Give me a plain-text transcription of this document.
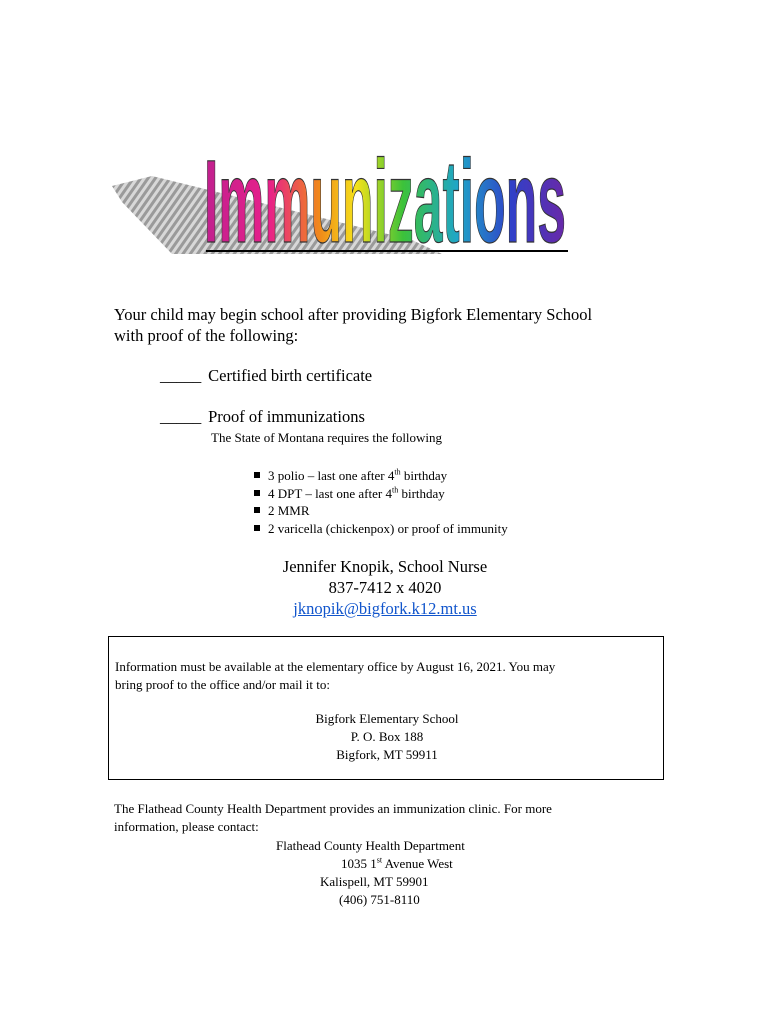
Immunizations
Your child may begin school after providing Bigfork Elementary School
with proof of the following:
_____ Certified birth certificate
_____ Proof of immunizations
The State of Montana requires the following
3 polio – last one after 4th birthday
4 DPT – last one after 4th birthday
2 MMR
2 varicella (chickenpox) or proof of immunity
Jennifer Knopik, School Nurse
837-7412 x 4020
jknopik@bigfork.k12.mt.us
Information must be available at the elementary office by August 16, 2021. You may
bring proof to the office and/or mail it to:
Bigfork Elementary School
P. O. Box 188
Bigfork, MT 59911
The Flathead County Health Department provides an immunization clinic. For more
information, please contact:
Flathead County Health Department
1035 1st Avenue West
Kalispell, MT 59901
(406) 751-8110
